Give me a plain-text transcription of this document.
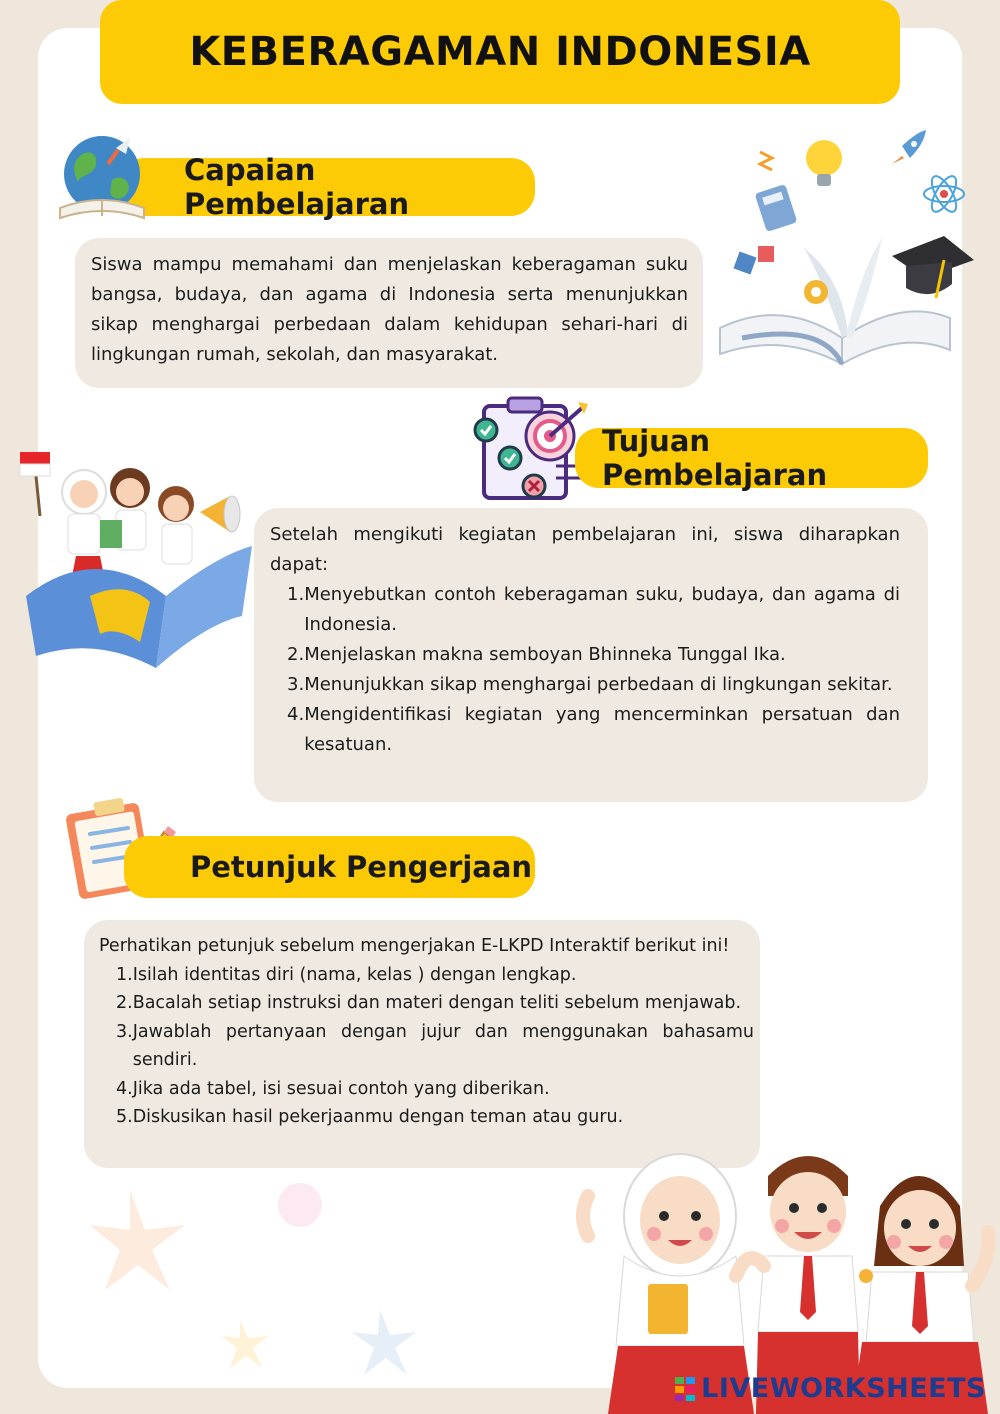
KEBERAGAMAN INDONESIA
Capaian Pembelajaran

Siswa mampu memahami dan menjelaskan keberagaman suku bangsa, budaya, dan agama di Indonesia serta menunjukkan sikap menghargai perbedaan dalam kehidupan sehari-hari di lingkungan rumah, sekolah, dan masyarakat.

Tujuan Pembelajaran

Setelah mengikuti kegiatan pembelajaran ini, siswa diharapkan dapat:

1. Menyebutkan contoh keberagaman suku, budaya, dan agama di Indonesia.
2. Menjelaskan makna semboyan Bhinneka Tunggal Ika.
3. Menunjukkan sikap menghargai perbedaan di lingkungan sekitar.
4. Mengidentifikasi kegiatan yang mencerminkan persatuan dan kesatuan.
Petunjuk Pengerjaan

Perhatikan petunjuk sebelum mengerjakan E-LKPD Interaktif berikut ini!

1. Isilah identitas diri (nama, kelas ) dengan lengkap.
2. Bacalah setiap instruksi dan materi dengan teliti sebelum menjawab.
3. Jawablah pertanyaan dengan jujur dan menggunakan bahasamu sendiri.
4. Jika ada tabel, isi sesuai contoh yang diberikan.
5. Diskusikan hasil pekerjaanmu dengan teman atau guru.
LIVEWORKSHEETS
